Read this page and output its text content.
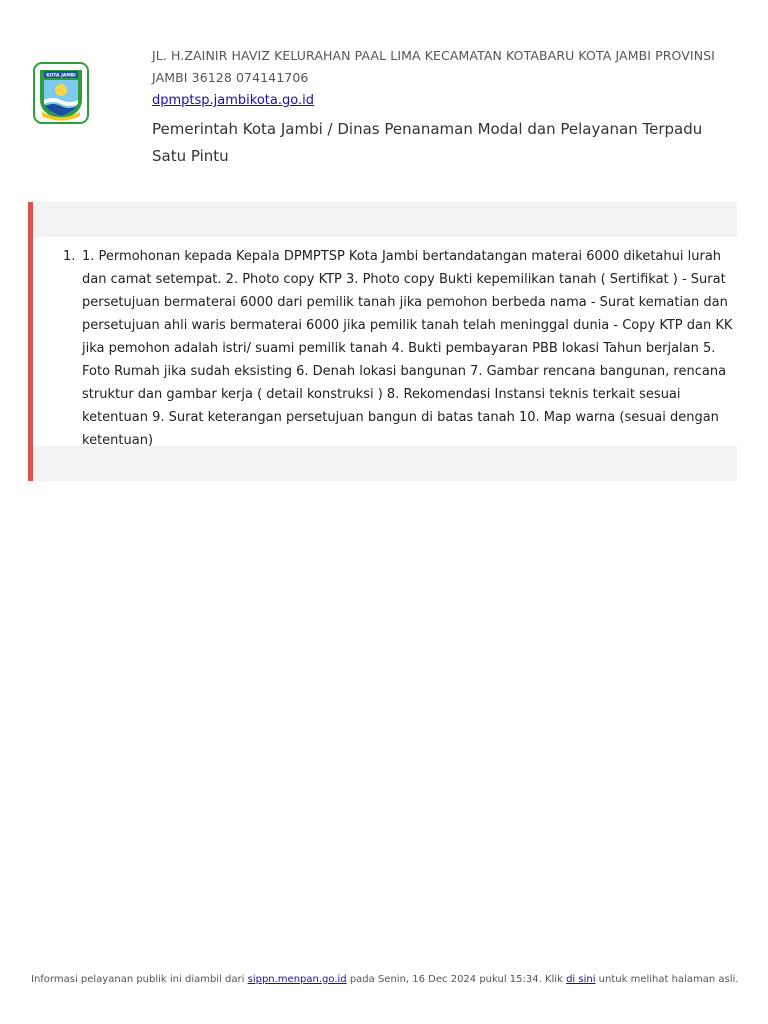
KOTA JAMBI

JL. H.ZAINIR HAVIZ KELURAHAN PAAL LIMA KECAMATAN KOTABARU KOTA JAMBI PROVINSI JAMBI 36128 074141706

dpmptsp.jambikota.go.id

Pemerintah Kota Jambi / Dinas Penanaman Modal dan Pelayanan Terpadu Satu Pintu

1. 1. Permohonan kepada Kepala DPMPTSP Kota Jambi bertandatangan materai 6000 diketahui lurah dan camat setempat. 2. Photo copy KTP 3. Photo copy Bukti kepemilikan tanah ( Sertifikat ) - Surat persetujuan bermaterai 6000 dari pemilik tanah jika pemohon berbeda nama - Surat kematian dan persetujuan ahli waris bermaterai 6000 jika pemilik tanah telah meninggal dunia - Copy KTP dan KK jika pemohon adalah istri/ suami pemilik tanah 4. Bukti pembayaran PBB lokasi Tahun berjalan 5. Foto Rumah jika sudah eksisting 6. Denah lokasi bangunan 7. Gambar rencana bangunan, rencana struktur dan gambar kerja ( detail konstruksi ) 8. Rekomendasi Instansi teknis terkait sesuai ketentuan 9. Surat keterangan persetujuan bangun di batas tanah 10. Map warna (sesuai dengan ketentuan)
Informasi pelayanan publik ini diambil dari sippn.menpan.go.id pada Senin, 16 Dec 2024 pukul 15:34. Klik di sini untuk melihat halaman asli.
